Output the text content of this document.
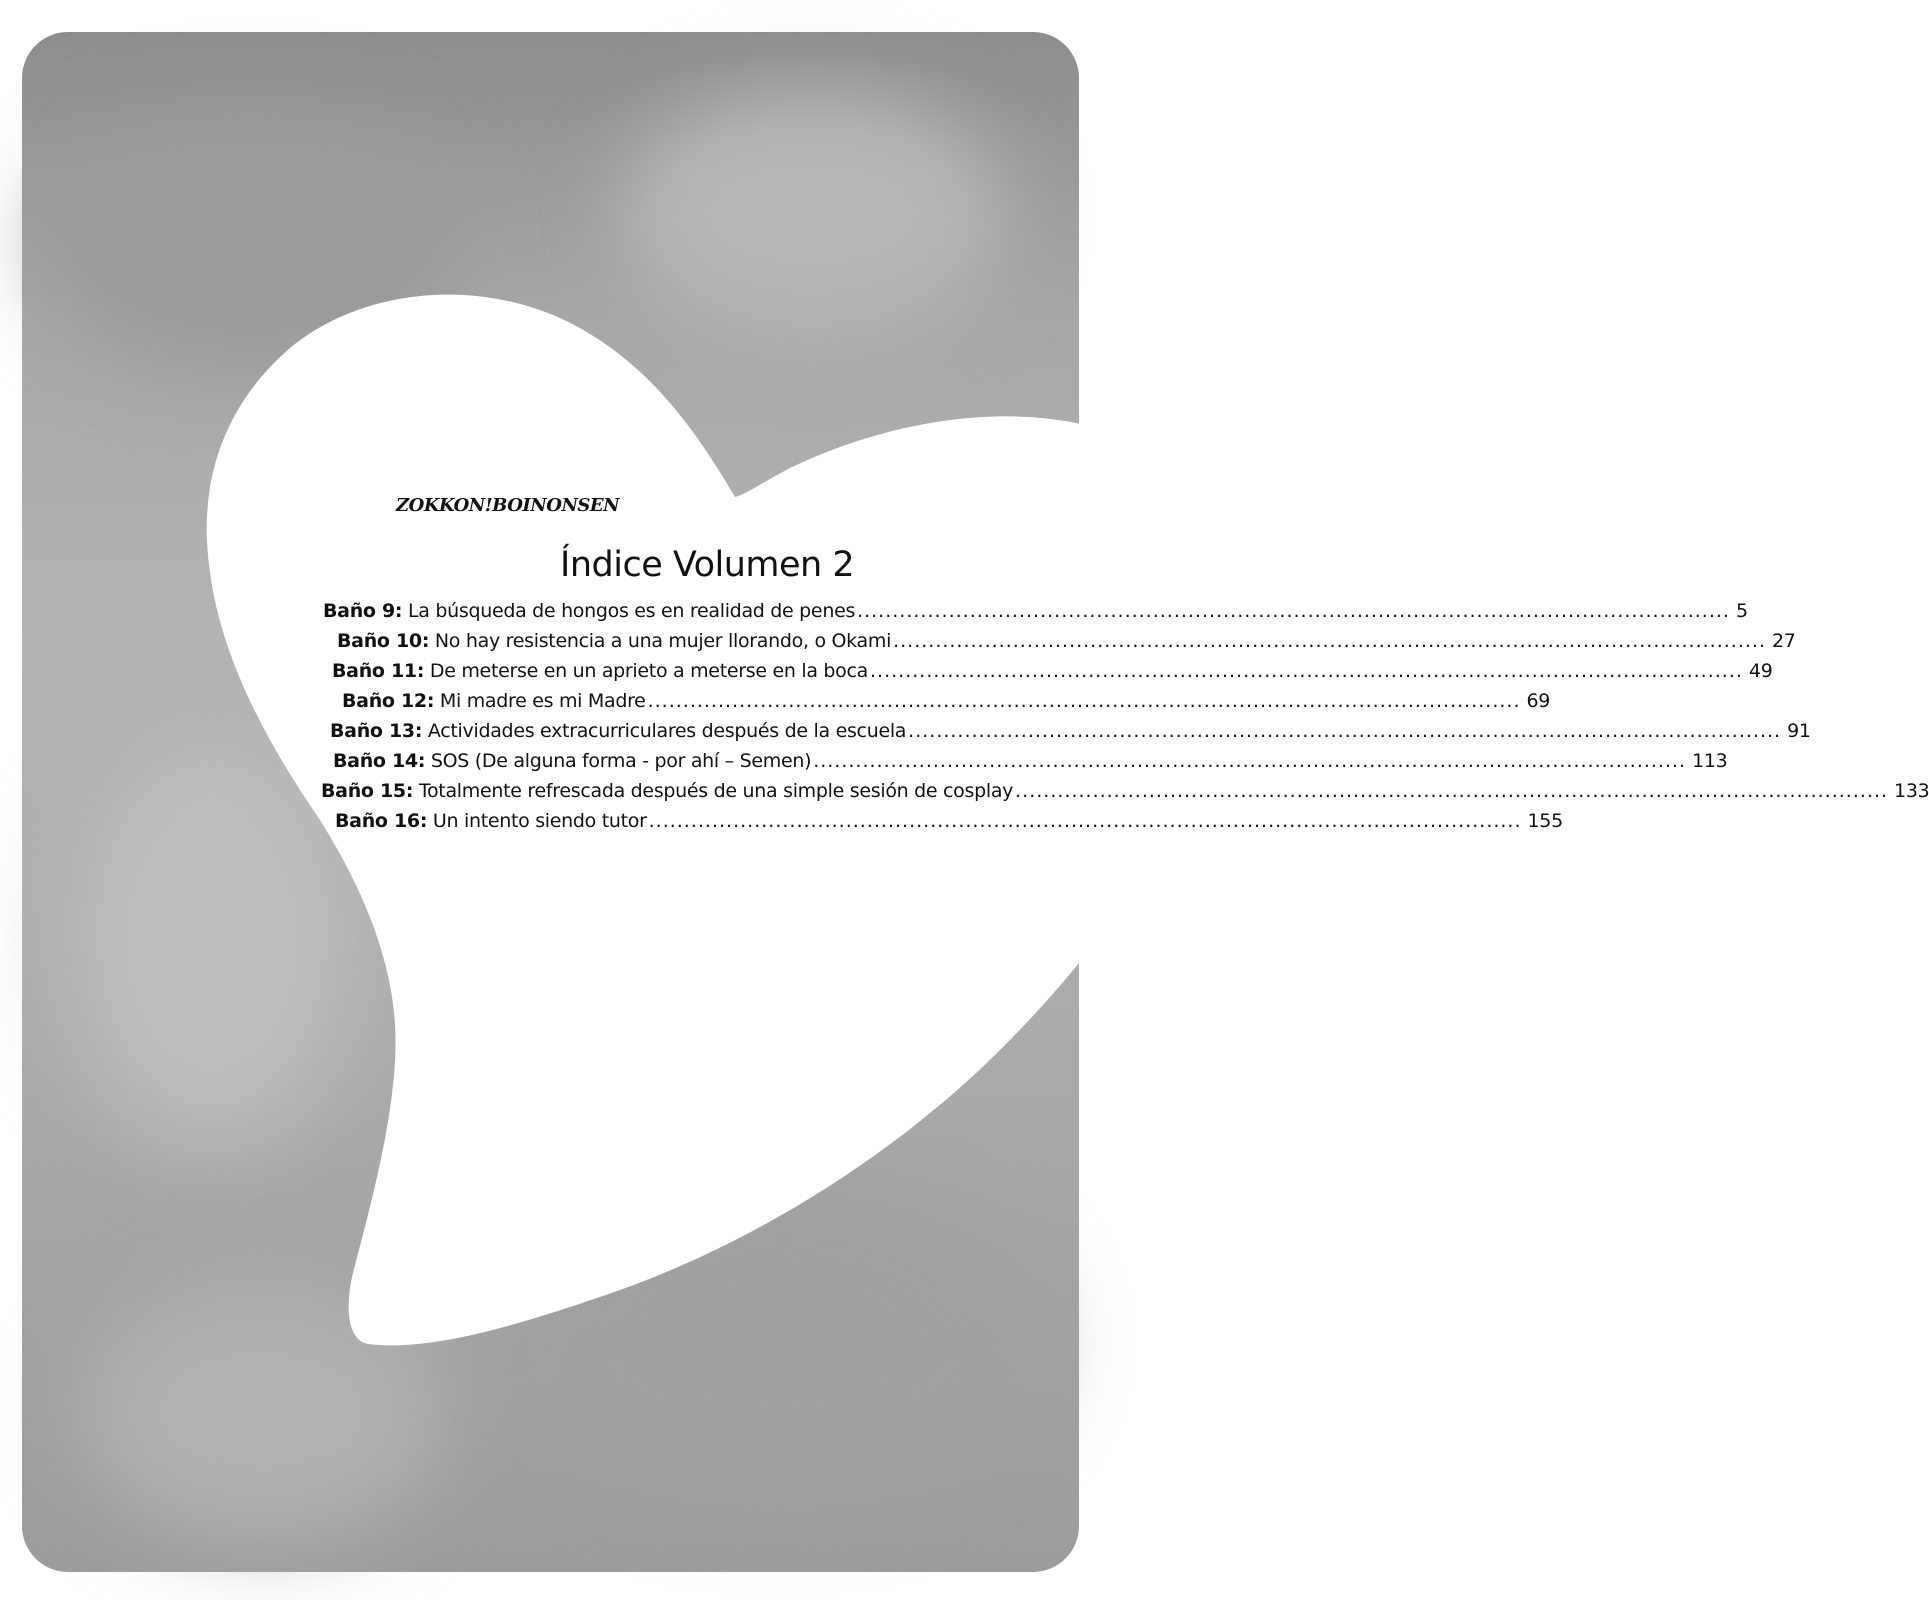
ZOKKON!BOINONSEN
Índice Volumen 2
Baño 9:
La búsqueda de hongos es en realidad de penes ............................................................................................................................ 5
Baño 10:
No hay resistencia a una mujer llorando, o Okami ............................................................................................................................ 27
Baño 11:
De meterse en un aprieto a meterse en la boca ............................................................................................................................ 49
Baño 12:
Mi madre es mi Madre ............................................................................................................................ 69
Baño 13:
Actividades extracurriculares después de la escuela ............................................................................................................................ 91
Baño 14:
SOS (De alguna forma - por ahí – Semen) ............................................................................................................................ 113
Baño 15:
Totalmente refrescada después de una simple sesión de cosplay ............................................................................................................................ 133
Baño 16:
Un intento siendo tutor ............................................................................................................................ 155
